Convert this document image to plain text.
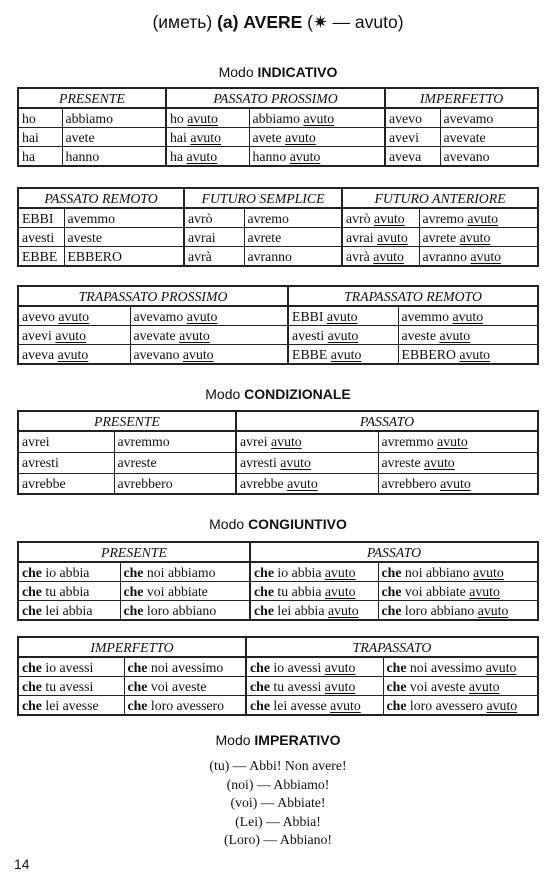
(иметь) (a) AVERE (✷ — avuto)
Modo INDICATIVO
PRESENTE		PASSATO PROSSIMO		IMPERFETTO	
ho	abbiamo	ho avuto	abbiamo avuto	avevo	avevamo
hai	avete	hai avuto	avete avuto	avevi	avevate
ha	hanno	ha avuto	hanno avuto	aveva	avevano
PASSATO REMOTO		FUTURO SEMPLICE		FUTURO ANTERIORE	
EBBI	avemmo	avrò	avremo	avrò avuto	avremo avuto
avesti	aveste	avrai	avrete	avrai avuto	avrete avuto
EBBE	EBBERO	avrà	avranno	avrà avuto	avranno avuto
TRAPASSATO PROSSIMO		TRAPASSATO REMOTO	
avevo avuto	avevamo avuto	EBBI avuto	avemmo avuto
avevi avuto	avevate avuto	avesti avuto	aveste avuto
aveva avuto	avevano avuto	EBBE avuto	EBBERO avuto
Modo CONDIZIONALE
PRESENTE		PASSATO	
avrei	avremmo	avrei avuto	avremmo avuto
avresti	avreste	avresti avuto	avreste avuto
avrebbe	avrebbero	avrebbe avuto	avrebbero avuto
Modo CONGIUNTIVO
PRESENTE		PASSATO	
che io abbia	che noi abbiamo	che io abbia avuto	che noi abbiano avuto
che tu abbia	che voi abbiate	che tu abbia avuto	che voi abbiate avuto
che lei abbia	che loro abbiano	che lei abbia avuto	che loro abbiano avuto
IMPERFETTO		TRAPASSATO	
che io avessi	che noi avessimo	che io avessi avuto	che noi avessimo avuto
che tu avessi	che voi aveste	che tu avessi avuto	che voi aveste avuto
che lei avesse	che loro avessero	che lei avesse avuto	che loro avessero avuto
Modo IMPERATIVO
(tu) — Abbi! Non avere!
(noi) — Abbiamo!
(voi) — Abbiate!
(Lei) — Abbia!
(Loro) — Abbiano!
14
